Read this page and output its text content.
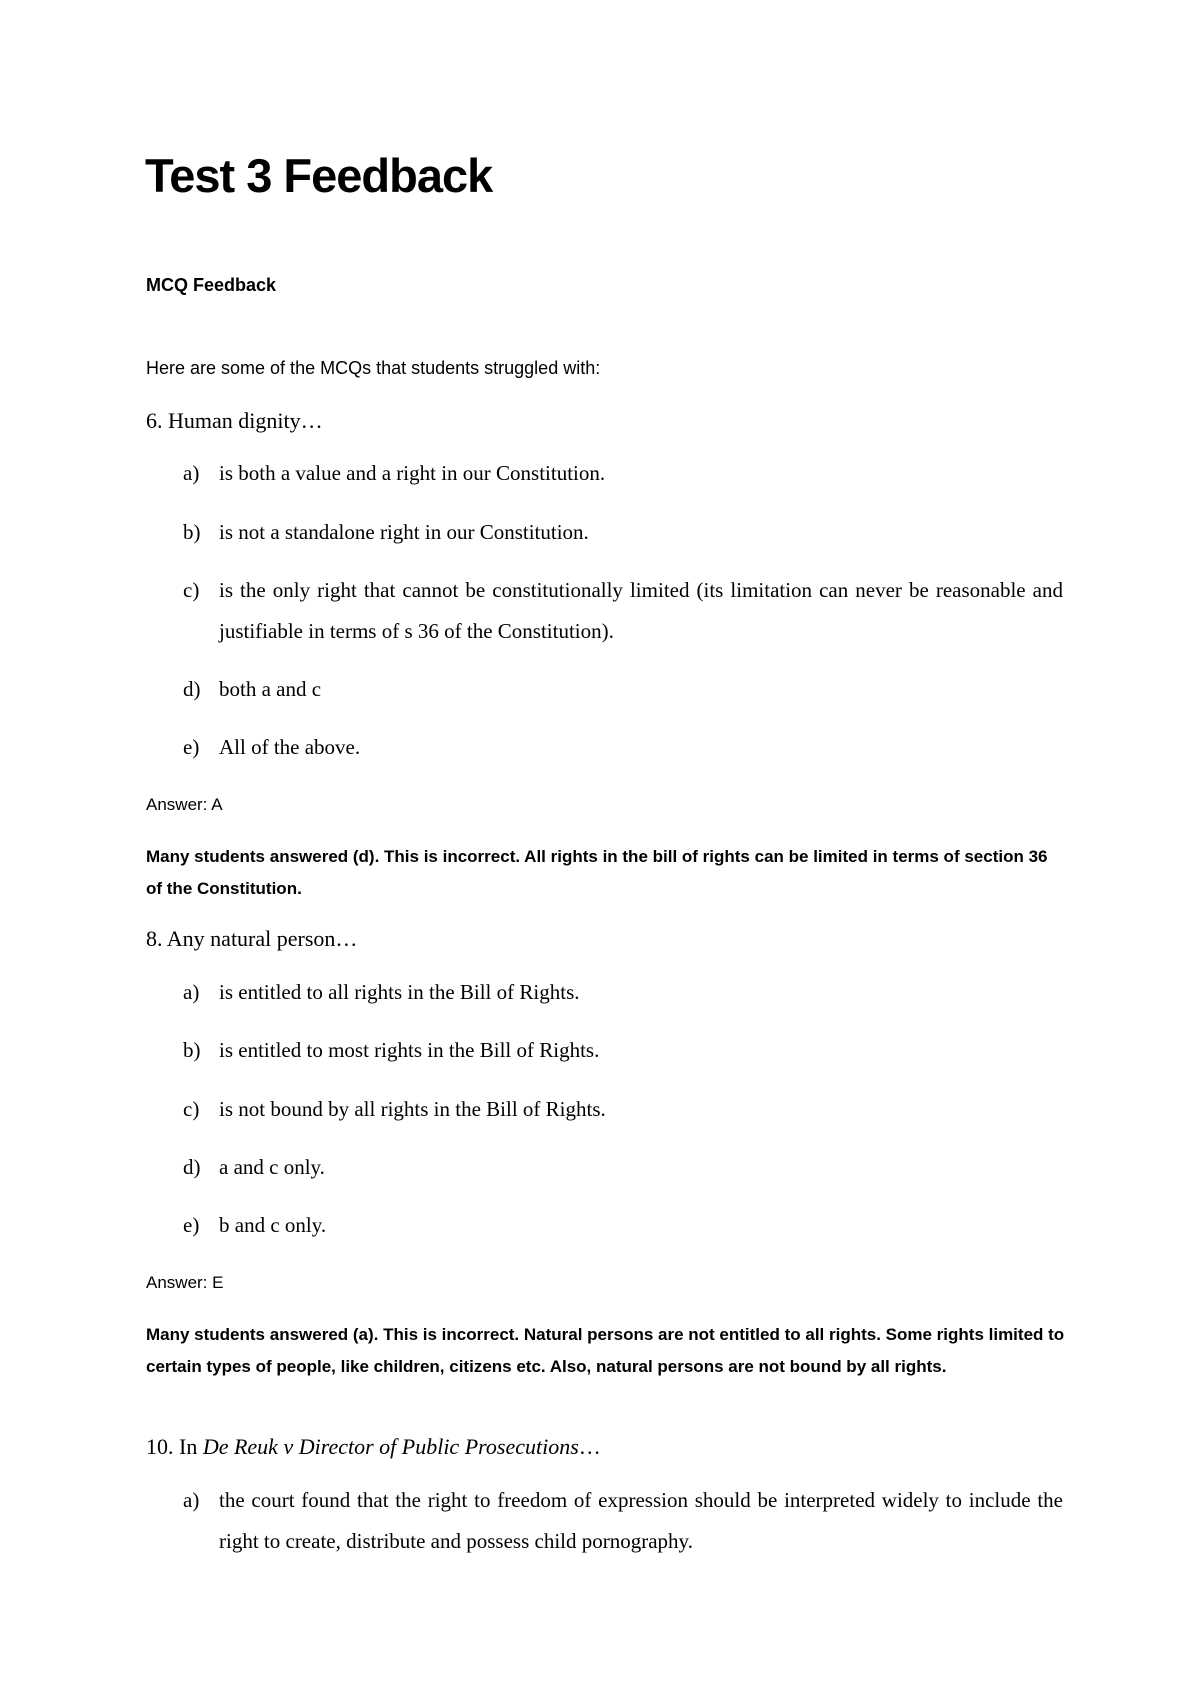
Test 3 Feedback

MCQ Feedback

Here are some of the MCQs that students struggled with:

6. Human dignity…

a) is both a value and a right in our Constitution.
b) is not a standalone right in our Constitution.
c) is the only right that cannot be constitutionally limited (its limitation can never be reasonable and justifiable in terms of s 36 of the Constitution).
d) both a and c
e) All of the above.

Answer: A

Many students answered (d). This is incorrect. All rights in the bill of rights can be limited in terms of section 36 of the Constitution.

8. Any natural person…

a) is entitled to all rights in the Bill of Rights.
b) is entitled to most rights in the Bill of Rights.
c) is not bound by all rights in the Bill of Rights.
d) a and c only.
e) b and c only.

Answer: E

Many students answered (a). This is incorrect. Natural persons are not entitled to all rights. Some rights limited to certain types of people, like children, citizens etc. Also, natural persons are not bound by all rights.

10. In De Reuk v Director of Public Prosecutions…

a) the court found that the right to freedom of expression should be interpreted widely to include the right to create, distribute and possess child pornography.
